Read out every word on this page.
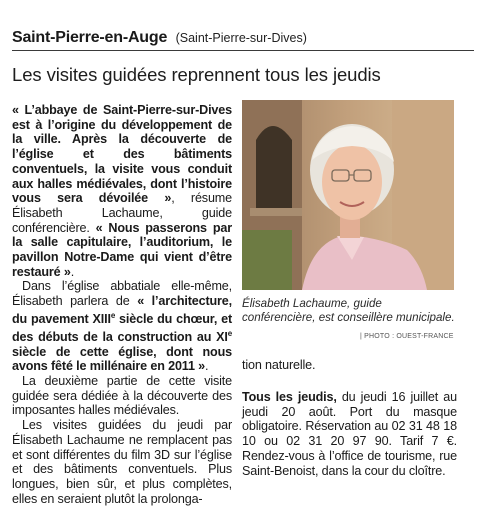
Saint-Pierre-en-Auge (Saint-Pierre-sur-Dives)
Les visites guidées reprennent tous les jeudis

« L’abbaye de Saint-Pierre-sur-Dives est à l’origine du développement de la ville. Après la découverte de l’église et des bâtiments conventuels, la visite vous conduit aux halles médiévales, dont l’histoire vous sera dévoilée », résume Élisabeth Lachaume, guide conférencière. « Nous passerons par la salle capitulaire, l’auditorium, le pavillon Notre-Dame qui vient d’être restauré ».

Dans l’église abbatiale elle-même, Élisabeth parlera de « l’architecture, du pavement XIIIe siècle du chœur, et des débuts de la construction au XIe siècle de cette église, dont nous avons fêté le millénaire en 2011 ».

La deuxième partie de cette visite guidée sera dédiée à la découverte des imposantes halles médiévales.

Les visites guidées du jeudi par Élisabeth Lachaume ne remplacent pas et sont différentes du film 3D sur l’église et des bâtiments conventuels. Plus longues, bien sûr, et plus complètes, elles en seraient plutôt la prolonga-

Élisabeth Lachaume, guide conférencière, est conseillère municipale.
| PHOTO : OUEST-FRANCE
tion naturelle.
Tous les jeudis, du jeudi 16 juillet au jeudi 20 août. Port du masque obligatoire. Réservation au 02 31 48 18 10 ou 02 31 20 97 90. Tarif 7 €. Rendez-vous à l’office de tourisme, rue Saint-Benoist, dans la cour du cloître.
